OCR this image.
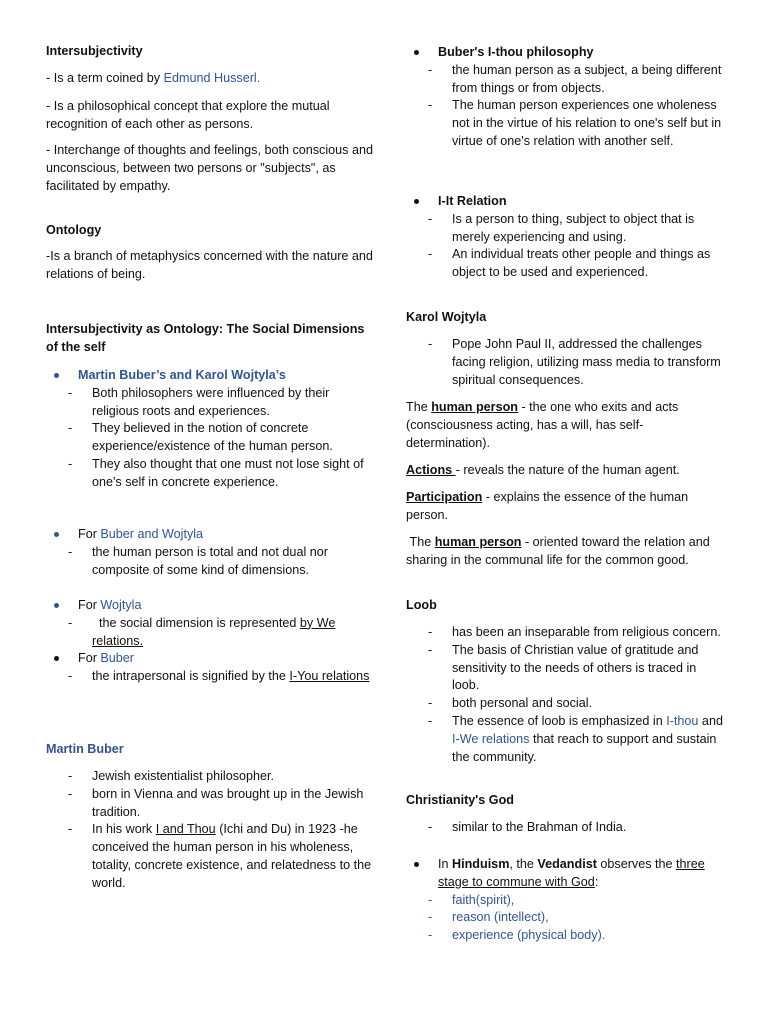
Intersubjectivity
- Is a term coined by Edmund Husserl.
- Is a philosophical concept that explore the mutual recognition of each other as persons.
- Interchange of thoughts and feelings, both conscious and unconscious, between two persons or "subjects", as facilitated by empathy.
Ontology
-Is a branch of metaphysics concerned with the nature and relations of being.
Intersubjectivity as Ontology: The Social Dimensions of the self
Martin Buber’s and Karol Wojtyla’s
- Both philosophers were influenced by their religious roots and experiences.
- They believed in the notion of concrete experience/existence of the human person.
- They also thought that one must not lose sight of one's self in concrete experience.
For Buber and Wojtyla
- the human person is total and not dual nor composite of some kind of dimensions.
For Wojtyla
- the social dimension is represented by We relations.
For Buber
- the intrapersonal is signified by the I-You relations
Martin Buber
- Jewish existentialist philosopher.
- born in Vienna and was brought up in the Jewish tradition.
- In his work I and Thou (Ichi and Du) in 1923 -he conceived the human person in his wholeness, totality, concrete existence, and relatedness to the world.
Buber's I-thou philosophy
- the human person as a subject, a being different from things or from objects.
- The human person experiences one wholeness not in the virtue of his relation to one's self but in virtue of one's relation with another self.
I-It Relation
- Is a person to thing, subject to object that is merely experiencing and using.
- An individual treats other people and things as object to be used and experienced.
Karol Wojtyla
- Pope John Paul II, addressed the challenges facing religion, utilizing mass media to transform spiritual consequences.
The human person - the one who exits and acts (consciousness acting, has a will, has self-determination).
Actions - reveals the nature of the human agent.
Participation - explains the essence of the human person.
The human person - oriented toward the relation and sharing in the communal life for the common good.
Loob
- has been an inseparable from religious concern.
- The basis of Christian value of gratitude and sensitivity to the needs of others is traced in loob.
- both personal and social.
- The essence of loob is emphasized in I-thou and I-We relations that reach to support and sustain the community.
Christianity's God
- similar to the Brahman of India.
In Hinduism, the Vedandist observes the three stage to commune with God:
- faith(spirit),
- reason (intellect),
- experience (physical body).
